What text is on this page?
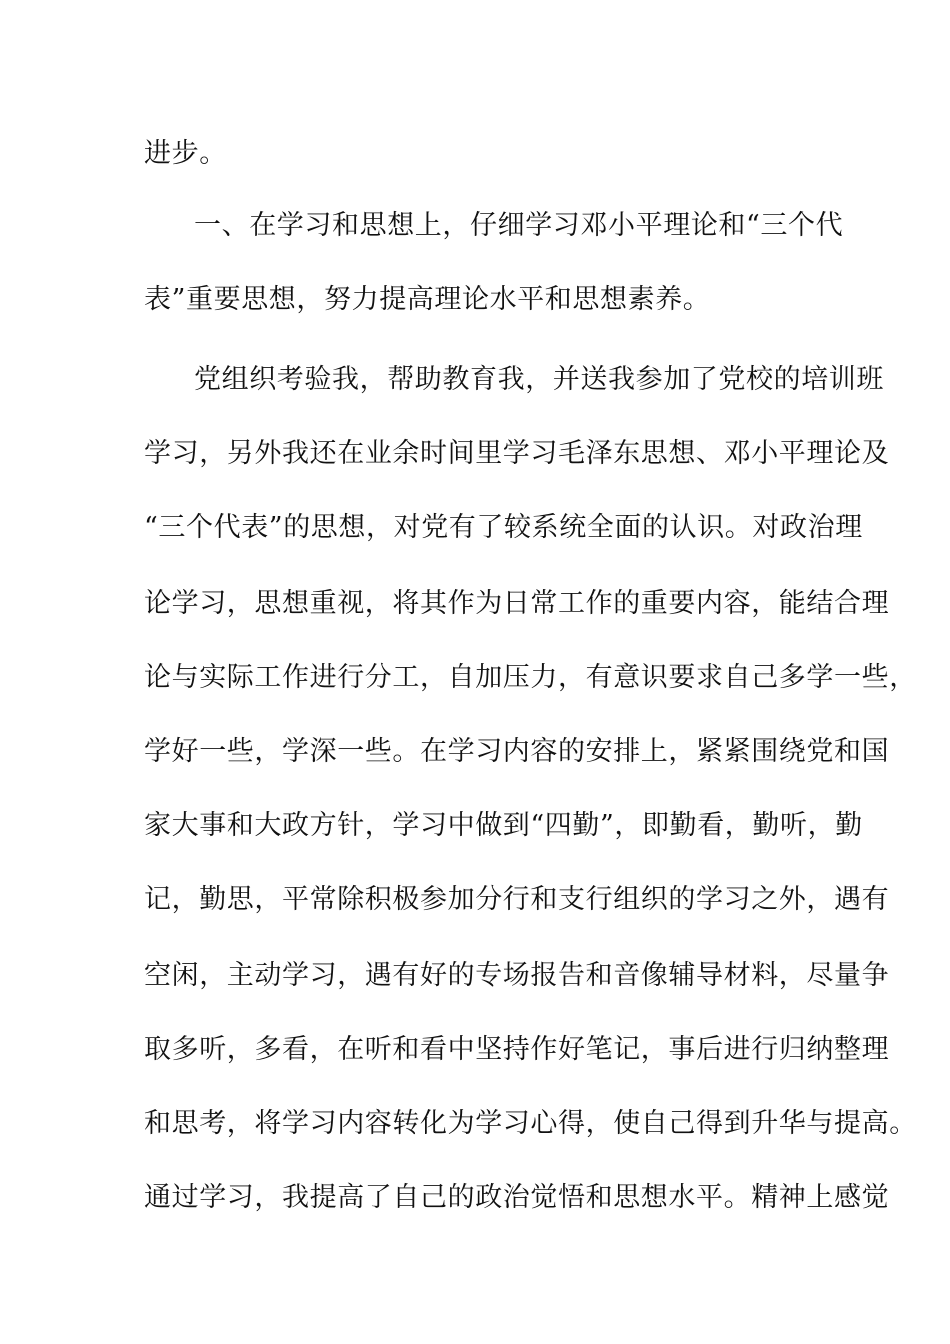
进步。
一、在学习和思想上，仔细学习邓小平理论和“三个代
表”重要思想，努力提高理论水平和思想素养。
党组织考验我，帮助教育我，并送我参加了党校的培训班
学习，另外我还在业余时间里学习毛泽东思想、邓小平理论及
“三个代表”的思想，对党有了较系统全面的认识。对政治理
论学习，思想重视，将其作为日常工作的重要内容，能结合理
论与实际工作进行分工，自加压力，有意识要求自己多学一些，
学好一些，学深一些。在学习内容的安排上，紧紧围绕党和国
家大事和大政方针，学习中做到“四勤”，即勤看，勤听，勤
记，勤思，平常除积极参加分行和支行组织的学习之外，遇有
空闲，主动学习，遇有好的专场报告和音像辅导材料，尽量争
取多听，多看，在听和看中坚持作好笔记，事后进行归纳整理
和思考，将学习内容转化为学习心得，使自己得到升华与提高。
通过学习，我提高了自己的政治觉悟和思想水平。精神上感觉
